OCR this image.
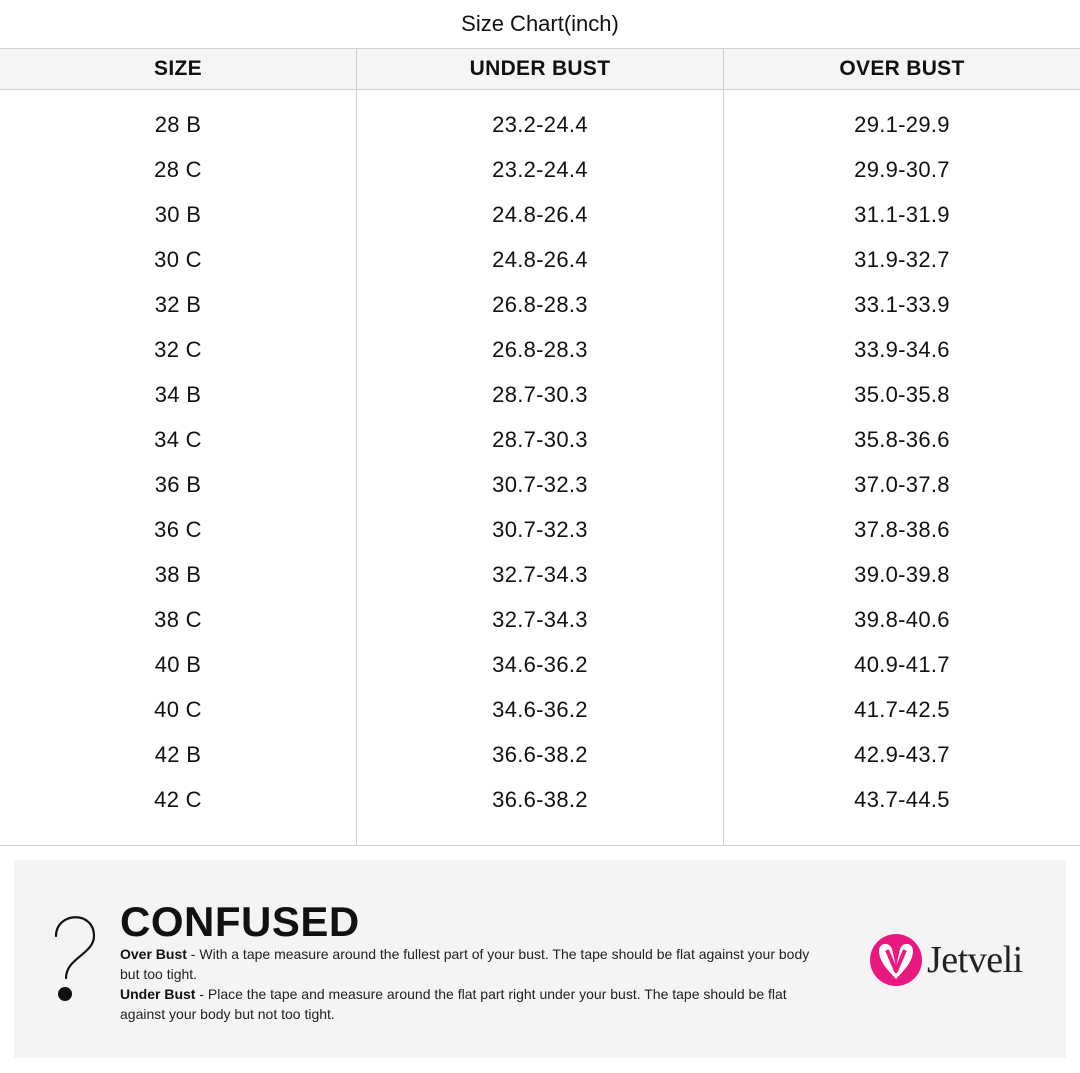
Size Chart(inch)
SIZE	UNDER BUST	OVER BUST
28 B
28 C
30 B
30 C
32 B
32 C
34 B
34 C
36 B
36 C
38 B
38 C
40 B
40 C
42 B
42 C
23.2-24.4
23.2-24.4
24.8-26.4
24.8-26.4
26.8-28.3
26.8-28.3
28.7-30.3
28.7-30.3
30.7-32.3
30.7-32.3
32.7-34.3
32.7-34.3
34.6-36.2
34.6-36.2
36.6-38.2
36.6-38.2
29.1-29.9
29.9-30.7
31.1-31.9
31.9-32.7
33.1-33.9
33.9-34.6
35.0-35.8
35.8-36.6
37.0-37.8
37.8-38.6
39.0-39.8
39.8-40.6
40.9-41.7
41.7-42.5
42.9-43.7
43.7-44.5
CONFUSED
Over Bust - With a tape measure around the fullest part of your bust. The tape should be flat against your body but too tight.
Under Bust - Place the tape and measure around the flat part right under your bust. The tape should be flat against your body but not too tight.
Jetveli
